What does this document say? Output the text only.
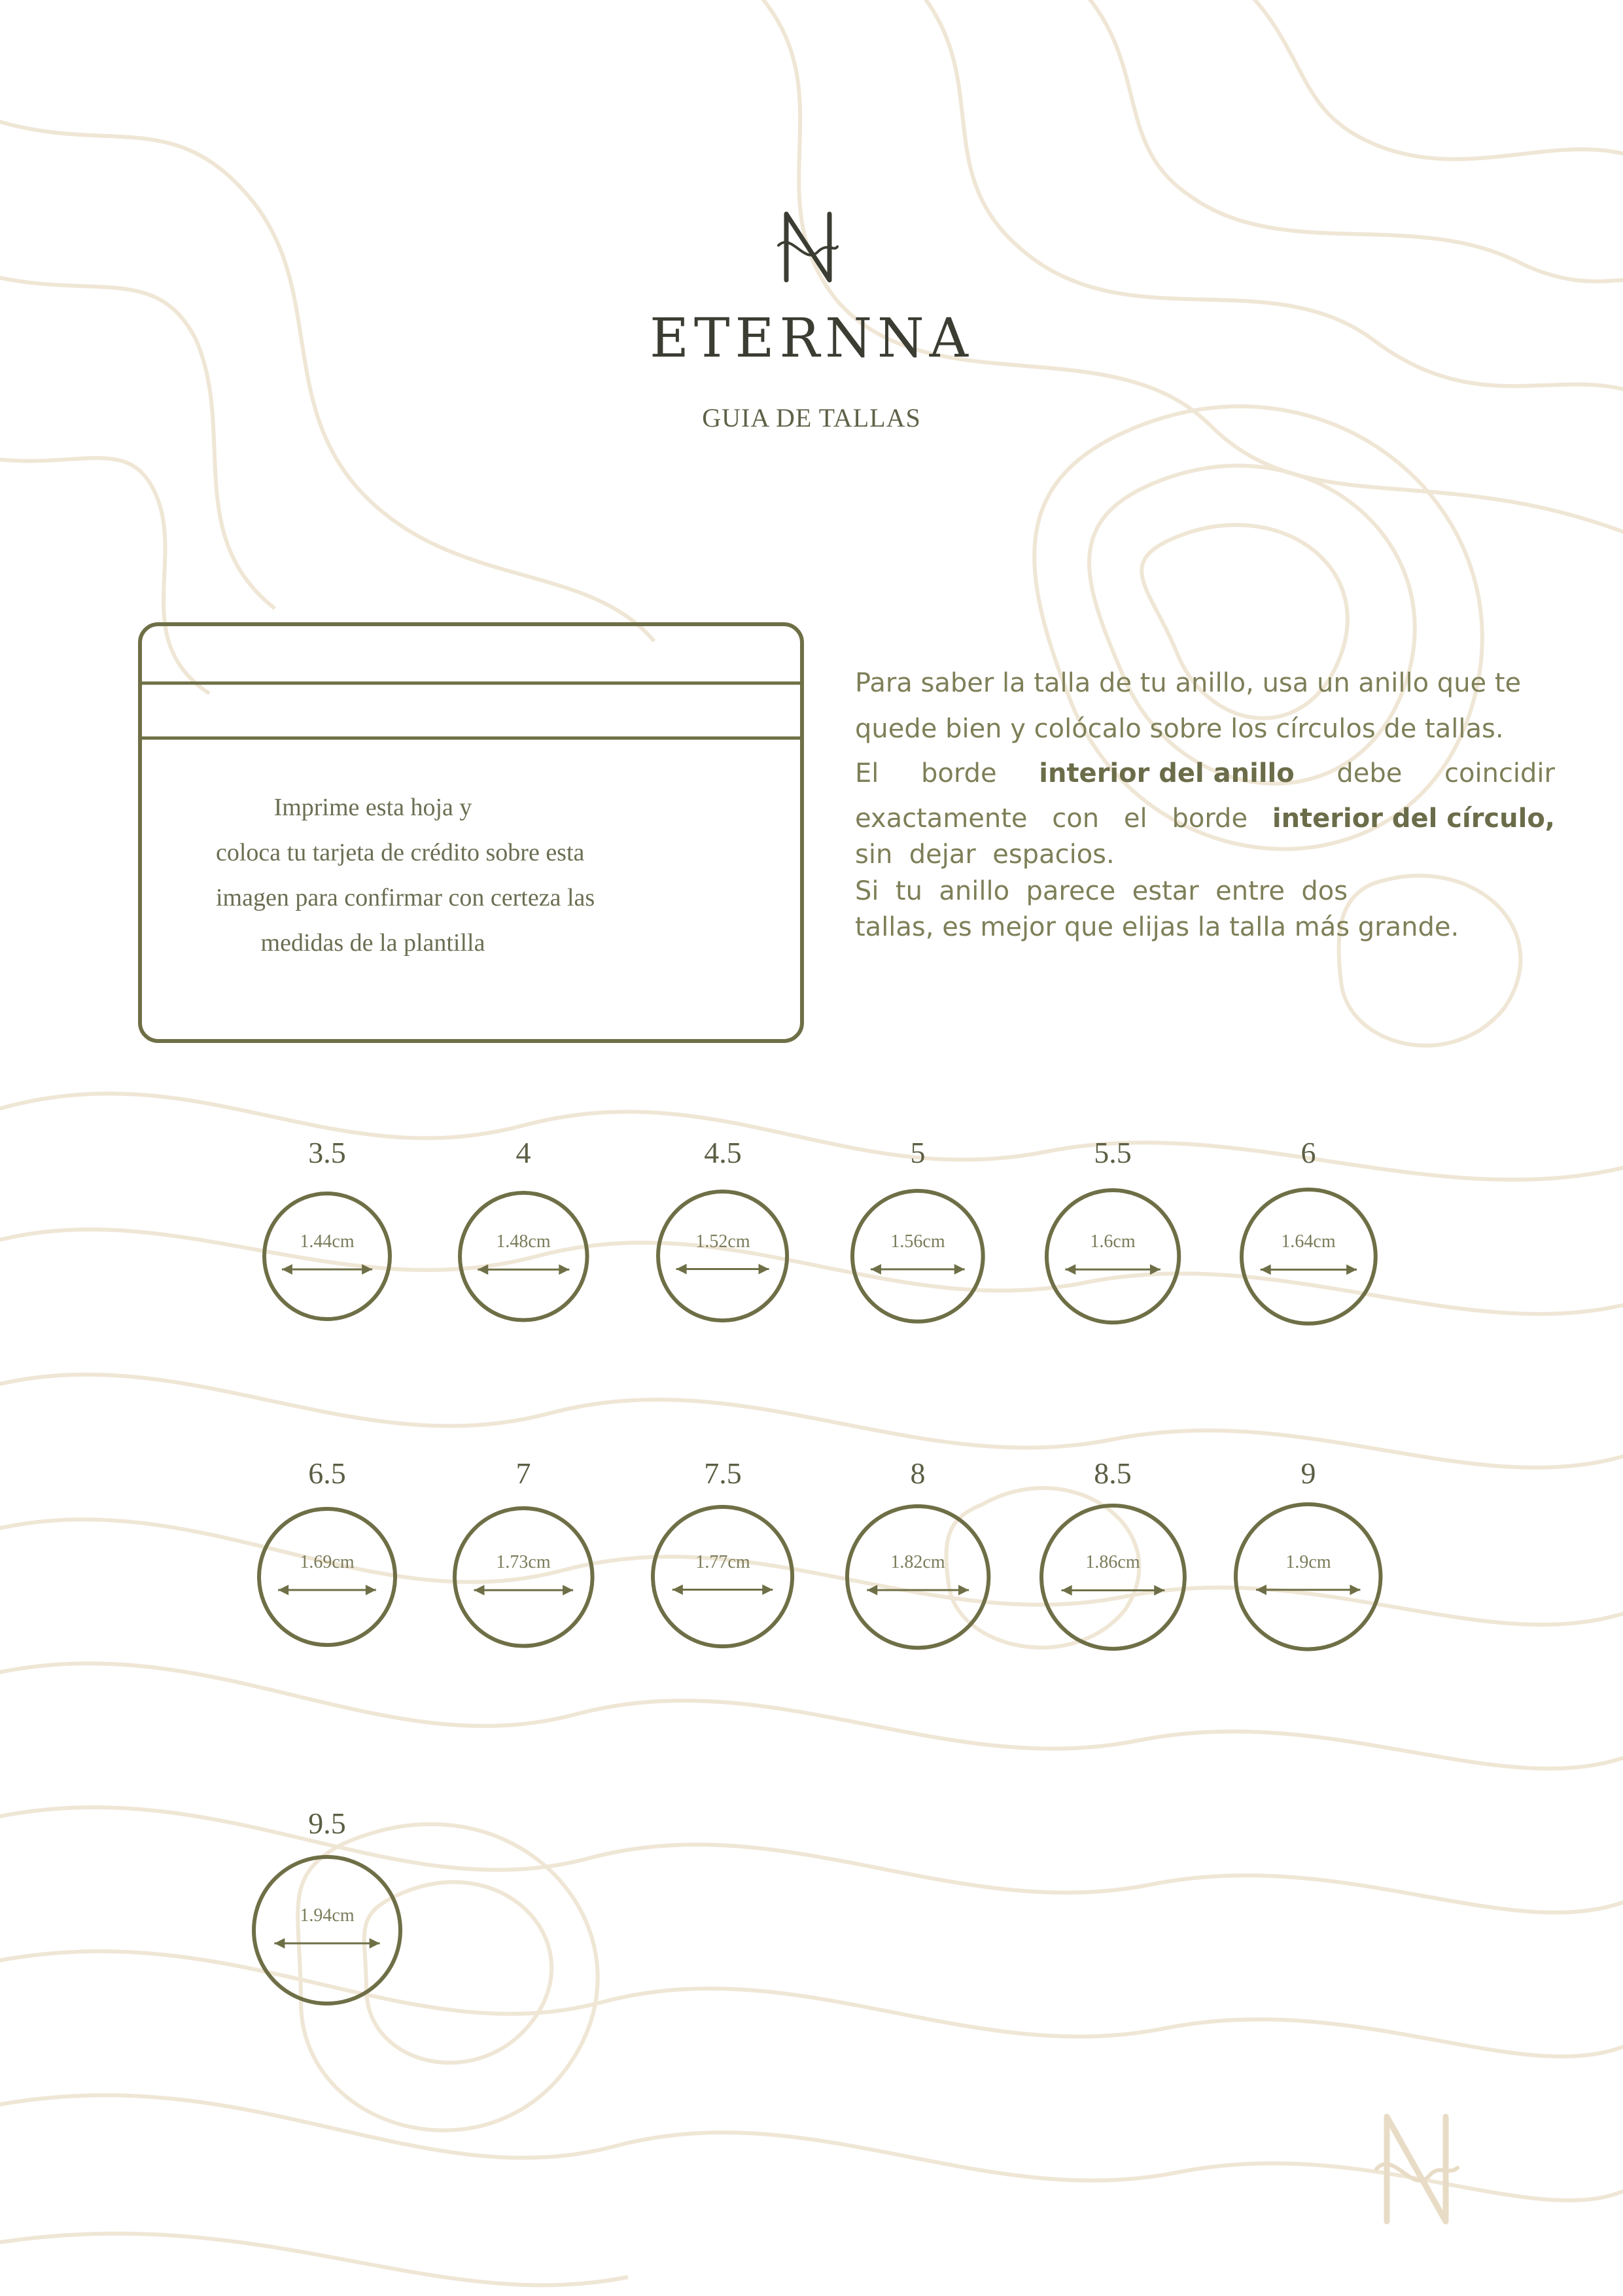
ETERNNA
GUIA DE TALLAS
Imprime esta hoja y
coloca tu tarjeta de crédito sobre esta
imagen para confirmar con certeza las
medidas de la plantilla
Para saber la talla de tu anillo, usa un anillo que te
quede bien y colócalo sobre los círculos de tallas.
El borde interior del anillo debe coincidir
exactamente con el borde interior del círculo,
sin  dejar  espacios.
Si  tu  anillo  parece  estar  entre  dos
tallas, es mejor que elijas la talla más grande.
3.5
1.44cm
4
1.48cm
4.5
1.52cm
5
1.56cm
5.5
1.6cm
6
1.64cm
6.5
1.69cm
7
1.73cm
7.5
1.77cm
8
1.82cm
8.5
1.86cm
9
1.9cm
9.5
1.94cm
